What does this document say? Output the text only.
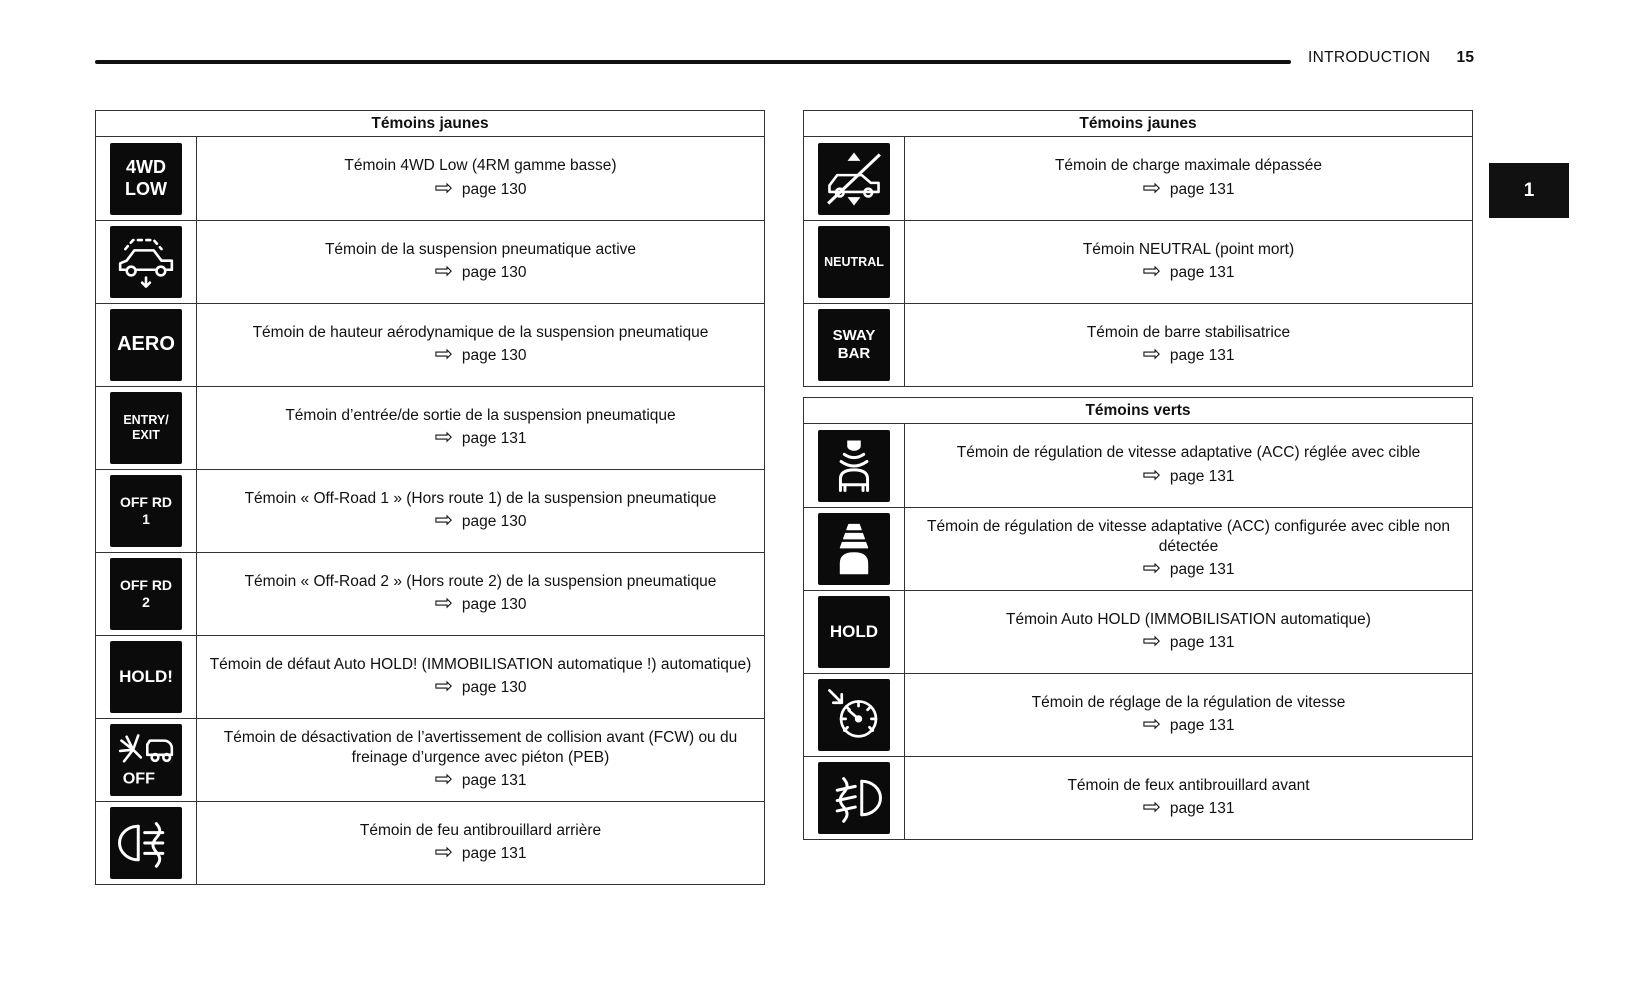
INTRODUCTION 15
1
Témoins jaunes
4WD
LOW
Témoin 4WD Low (4RM gamme basse)
⇨ page 130
Témoin de la suspension pneumatique active
⇨ page 130
AERO
Témoin de hauteur aérodynamique de la suspension pneumatique
⇨ page 130
ENTRY/
EXIT
Témoin d’entrée/de sortie de la suspension pneumatique
⇨ page 131
OFF RD
1
Témoin « Off-Road 1 » (Hors route 1) de la suspension pneumatique
⇨ page 130
OFF RD
2
Témoin « Off-Road 2 » (Hors route 2) de la suspension pneumatique
⇨ page 130
HOLD!
Témoin de défaut Auto HOLD! (IMMOBILISATION automatique !) automatique)
⇨ page 130
Témoin de désactivation de l’avertissement de collision avant (FCW) ou du freinage d’urgence avec piéton (PEB)
⇨ page 131
Témoin de feu antibrouillard arrière
⇨ page 131
Témoins jaunes
Témoin de charge maximale dépassée
⇨ page 131
NEUTRAL
Témoin NEUTRAL (point mort)
⇨ page 131
SWAY
BAR
Témoin de barre stabilisatrice
⇨ page 131
Témoins verts
Témoin de régulation de vitesse adaptative (ACC) réglée avec cible
⇨ page 131
Témoin de régulation de vitesse adaptative (ACC) configurée avec cible non détectée
⇨ page 131
HOLD
Témoin Auto HOLD (IMMOBILISATION automatique)
⇨ page 131
Témoin de réglage de la régulation de vitesse
⇨ page 131
Témoin de feux antibrouillard avant
⇨ page 131
